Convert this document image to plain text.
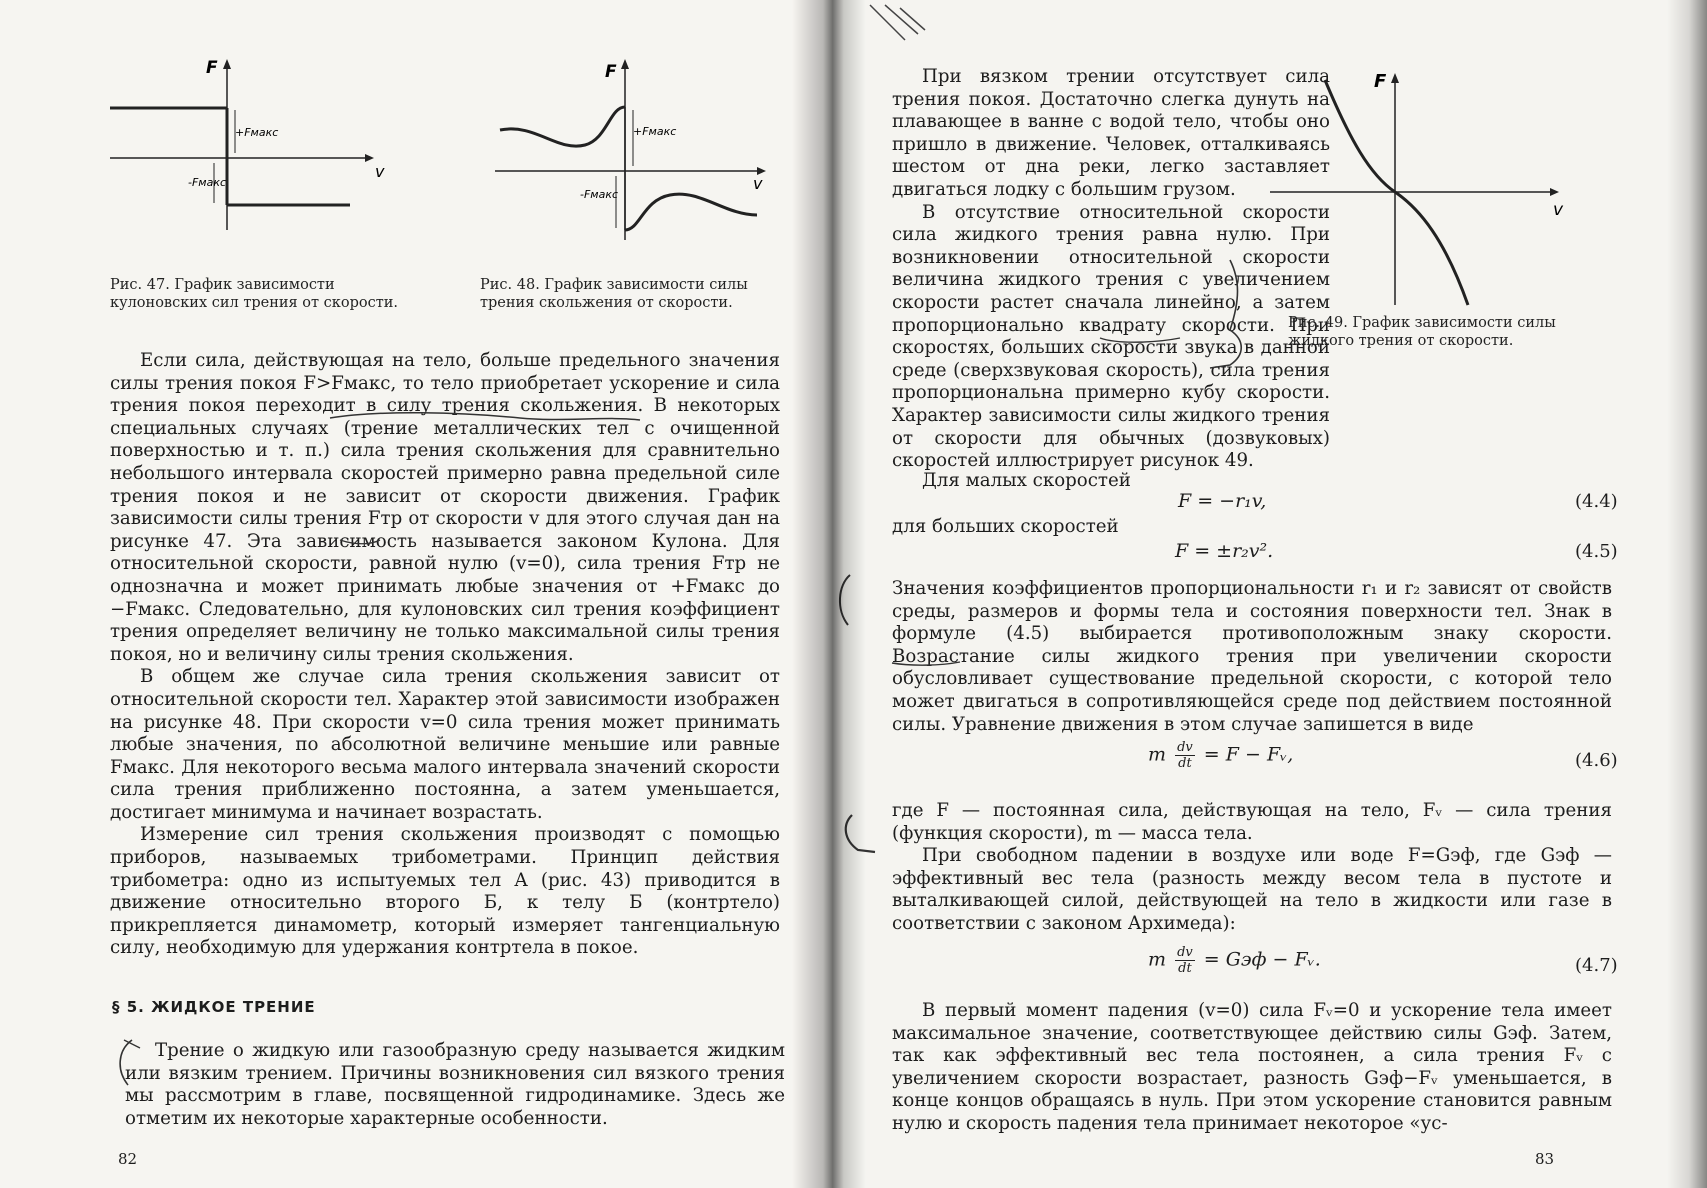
F
v
+Fмакс
-Fмакс
Рис. 47. График зависимости кулоновских сил трения от скорости.
F
v
+Fмакс
-Fмакс
Рис. 48. График зависимости силы трения скольжения от скорости.

Если сила, действующая на тело, больше предельного значения силы трения покоя F>Fмакс, то тело приобретает ускорение и сила трения покоя переходит в силу трения скольжения. В некоторых специальных случаях (трение металлических тел с очищенной поверхностью и т. п.) сила трения скольжения для сравнительно небольшого интервала скоростей примерно равна предельной силе трения покоя и не зависит от скорости движения. График зависимости силы трения Fтр от скорости v для этого случая дан на рисунке 47. Эта зависимость называется законом Кулона. Для относительной скорости, равной нулю (v=0), сила трения Fтр не однозначна и может принимать любые значения от +Fмакс до −Fмакс. Следовательно, для кулоновских сил трения коэффициент трения определяет величину не только максимальной силы трения покоя, но и величину силы трения скольжения.

В общем же случае сила трения скольжения зависит от относительной скорости тел. Характер этой зависимости изображен на рисунке 48. При скорости v=0 сила трения может принимать любые значения, по абсолютной величине меньшие или равные Fмакс. Для некоторого весьма малого интервала значений скорости сила трения приближенно постоянна, а затем уменьшается, достигает минимума и начинает возрастать.

Измерение сил трения скольжения производят с помощью приборов, называемых трибометрами. Принцип действия трибометра: одно из испытуемых тел A (рис. 43) приводится в движение относительно второго Б, к телу Б (контртело) прикрепляется динамометр, который измеряет тангенциальную силу, необходимую для удержания контртела в покое.

§ 5. ЖИДКОЕ ТРЕНИЕ

Трение о жидкую или газообразную среду называется жидким или вязким трением. Причины возникновения сил вязкого трения мы рассмотрим в главе, посвященной гидродинамике. Здесь же отметим их некоторые характерные особенности.

82
F
v
Рис. 49. График зависимости силы жидкого трения от скорости.

При вязком трении отсутствует сила трения покоя. Достаточно слегка дунуть на плавающее в ванне с водой тело, чтобы оно пришло в движение. Человек, отталкиваясь шестом от дна реки, легко заставляет двигаться лодку с большим грузом.

В отсутствие относительной скорости сила жидкого трения равна нулю. При возникновении относительной скорости величина жидкого трения с увеличением скорости растет сначала линейно, а затем пропорционально квадрату скорости. При скоростях, больших скорости звука в данной среде (сверхзвуковая скорость), сила трения пропорциональна примерно кубу скорости. Характер зависимости силы жидкого трения от скорости для обычных (дозвуковых) скоростей иллюстрирует рисунок 49.

Для малых скоростей

F = −r₁v,	(4.4)

для больших скоростей

F = ±r₂v².	(4.5)

Значения коэффициентов пропорциональности r₁ и r₂ зависят от свойств среды, размеров и формы тела и состояния поверхности тел. Знак в формуле (4.5) выбирается противоположным знаку скорости. Возрастание силы жидкого трения при увеличении скорости обусловливает существование предельной скорости, с которой тело может двигаться в сопротивляющейся среде под действием постоянной силы. Уравнение движения в этом случае запишется в виде

m $\frac{dv}{dt} = F$ − Fᵥ,	(4.6)

где F — постоянная сила, действующая на тело, Fᵥ — сила трения (функция скорости), m — масса тела.

При свободном падении в воздухе или воде F=Gэф, где Gэф — эффективный вес тела (разность между весом тела в пустоте и выталкивающей силой, действующей на тело в жидкости или газе в соответствии с законом Архимеда):

m $\frac{dv}{dt}$ = Gэф − Fᵥ.	(4.7)

В первый момент падения (v=0) сила Fᵥ=0 и ускорение тела имеет максимальное значение, соответствующее действию силы Gэф. Затем, так как эффективный вес тела постоянен, а сила трения Fᵥ с увеличением скорости возрастает, разность Gэф−Fᵥ уменьшается, в конце концов обращаясь в нуль. При этом ускорение становится равным нулю и скорость падения тела принимает некоторое «ус-

83
